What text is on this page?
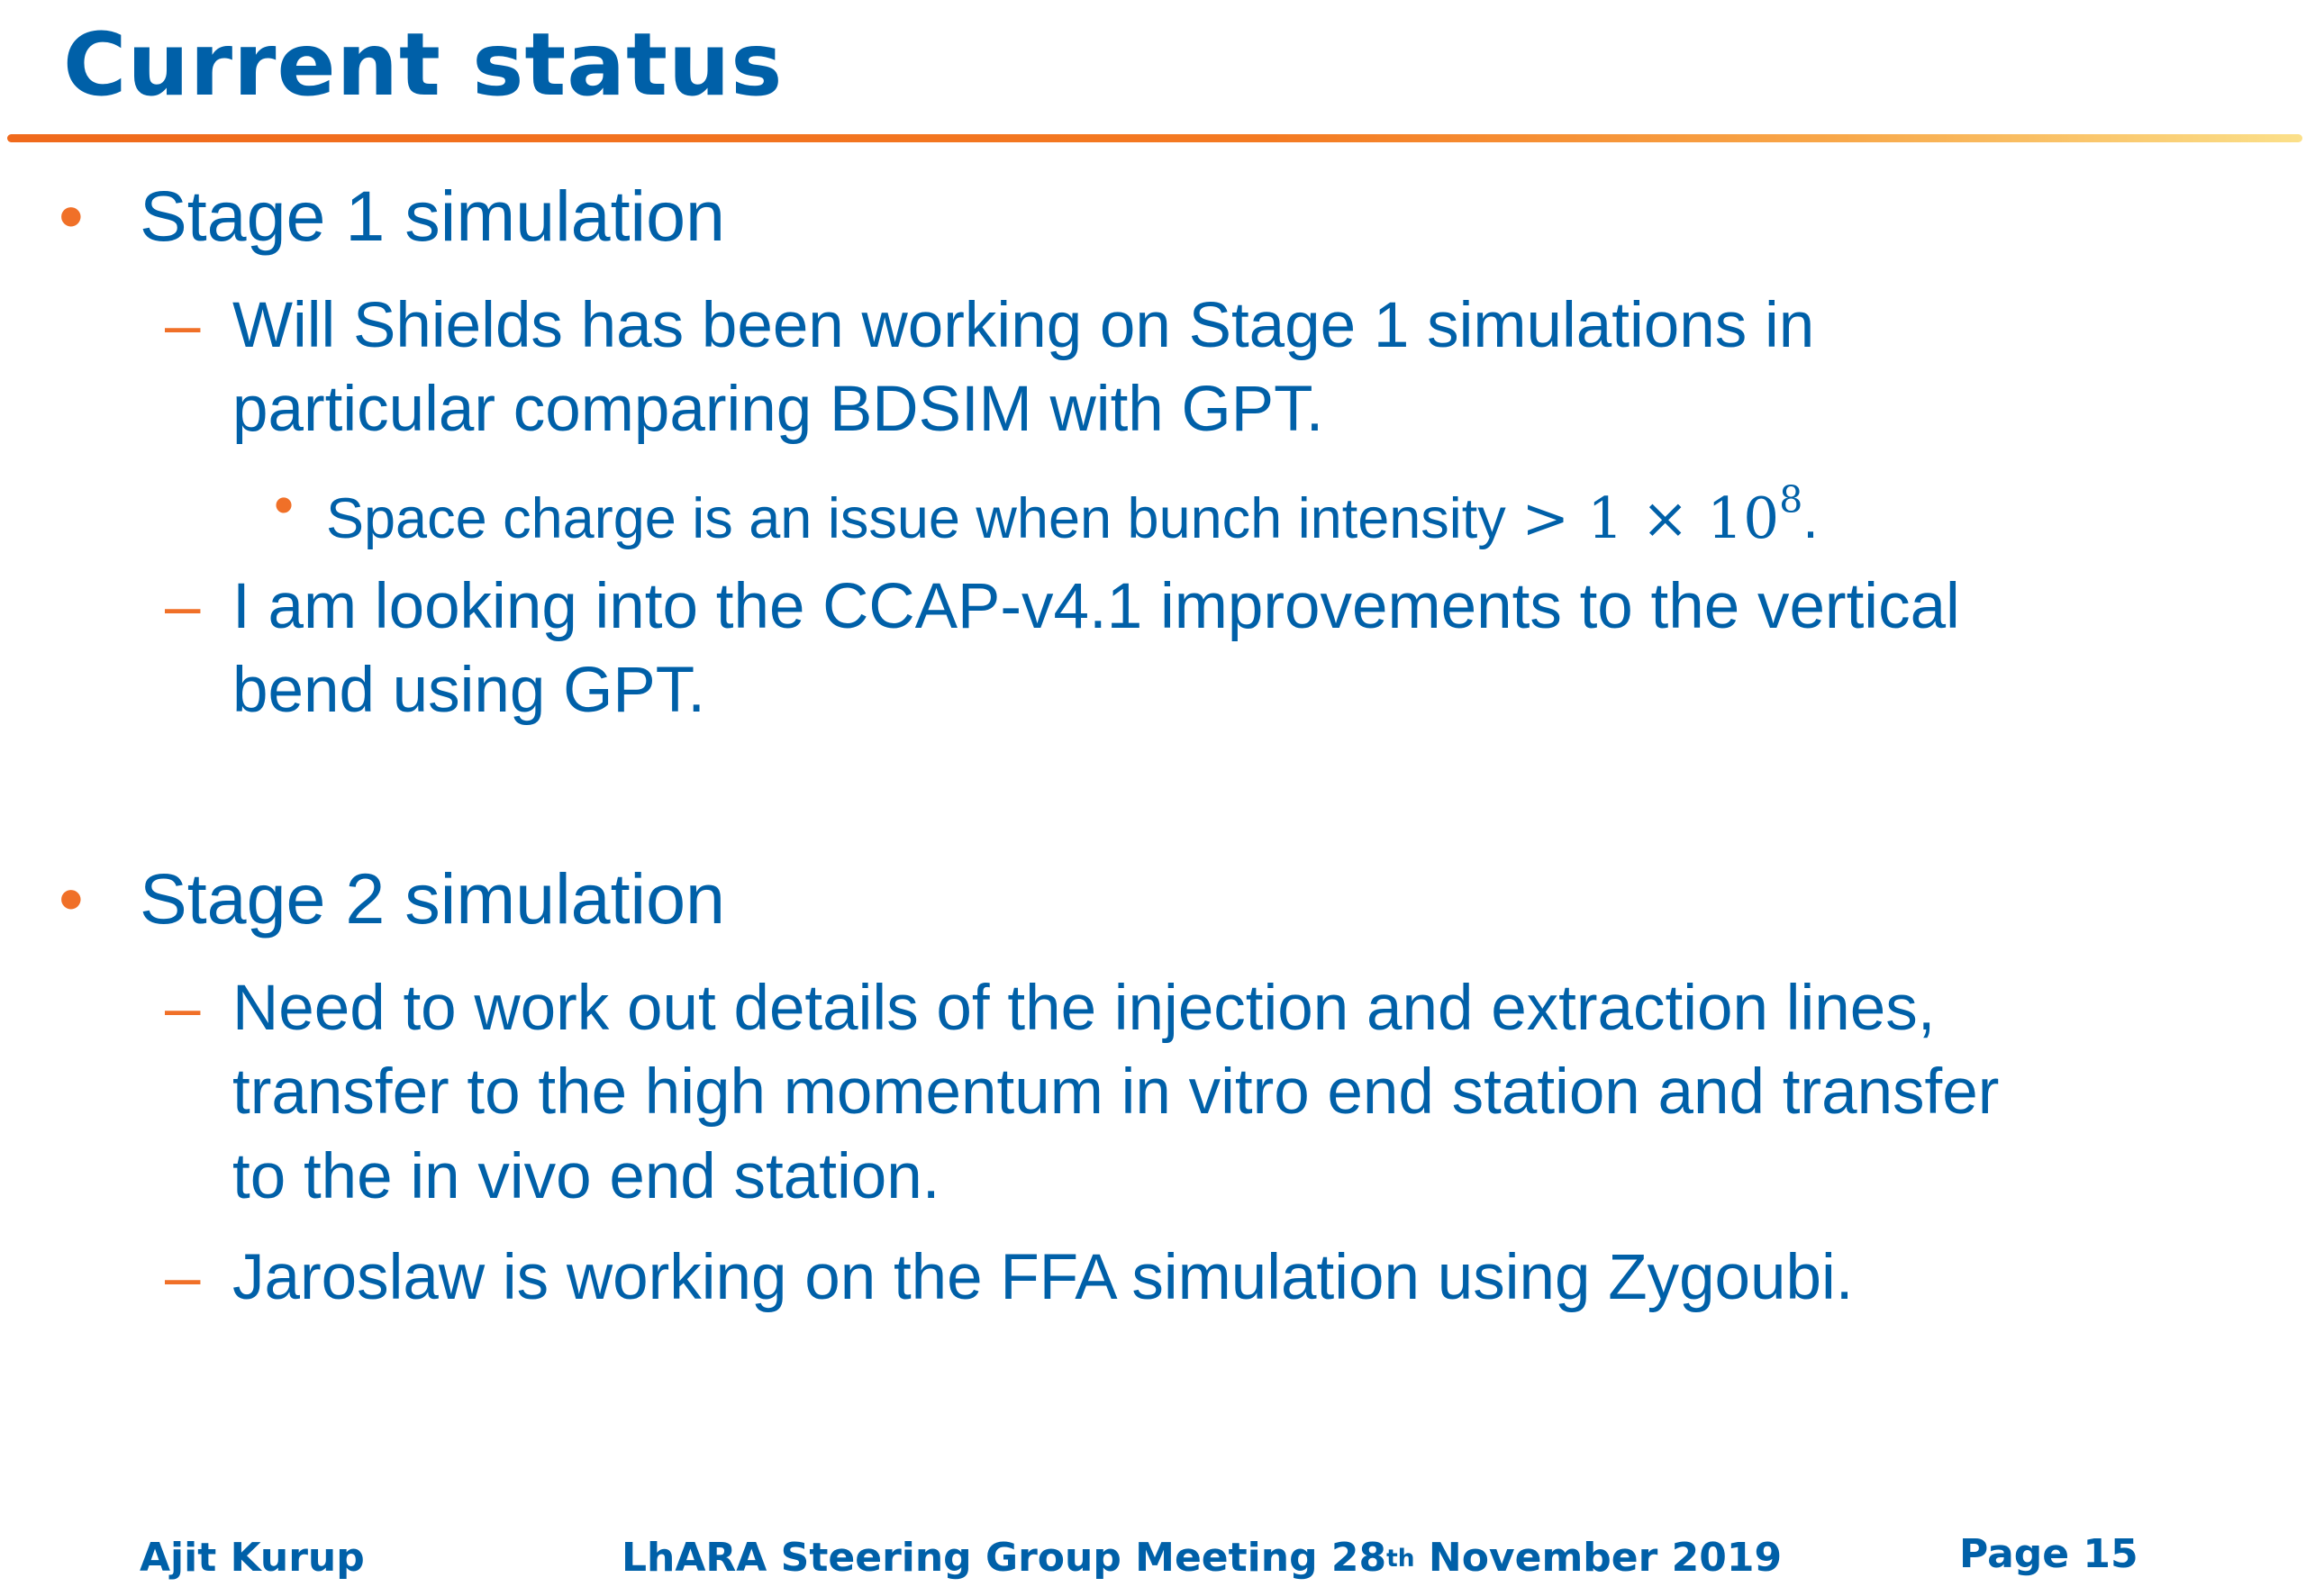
Current status
• Stage 1 simulation
– Will Shields has been working on Stage 1 simulations in
particular comparing BDSIM with GPT.
• Space charge is an issue when bunch intensity > $1 \times 10^8$.
– I am looking into the CCAP-v4.1 improvements to the vertical
bend using GPT.
• Stage 2 simulation
– Need to work out details of the injection and extraction lines,
transfer to the high momentum in vitro end station and transfer
to the in vivo end station.
– Jaroslaw is working on the FFA simulation using Zygoubi.
Ajit Kurup	LhARA Steering Group Meeting 28th November 2019	Page 15
